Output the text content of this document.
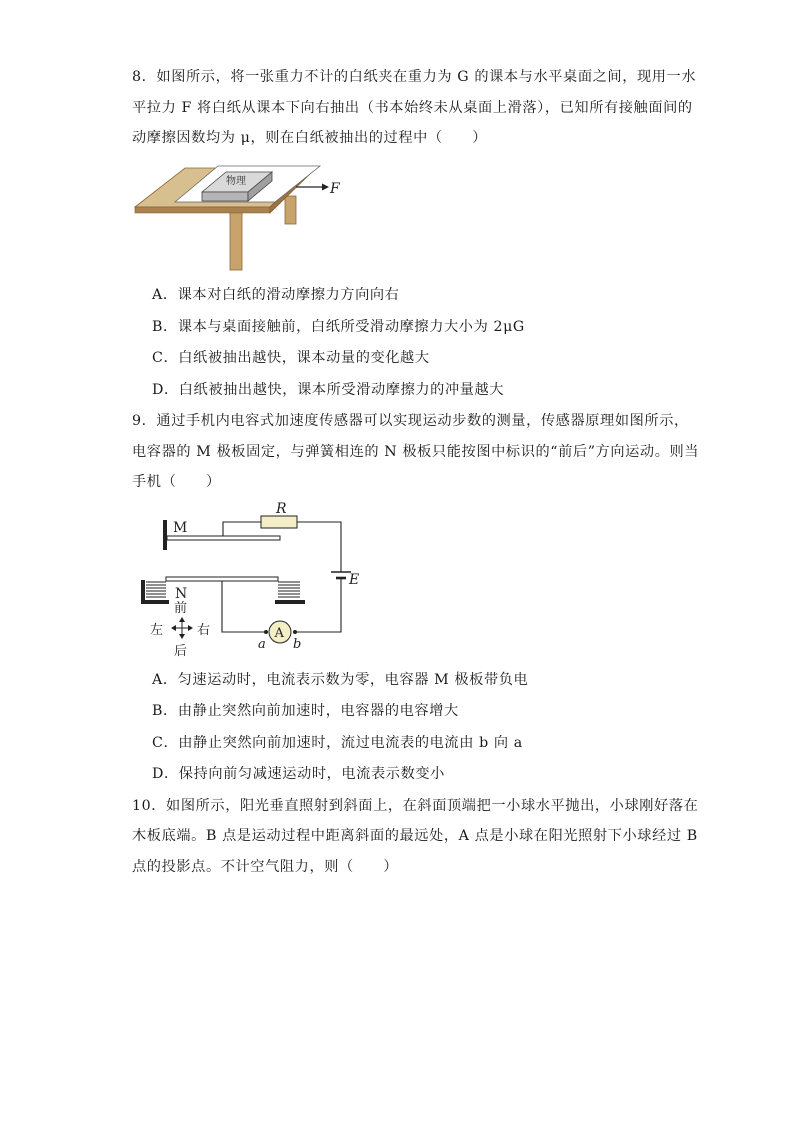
8．如图所示，将一张重力不计的白纸夹在重力为 G 的课本与水平桌面之间，现用一水
平拉力 F 将白纸从课本下向右抽出（书本始终未从桌面上滑落），已知所有接触面间的
动摩擦因数均为 μ，则在白纸被抽出的过程中（　　）
物理	F
A．课本对白纸的滑动摩擦力方向向右
B．课本与桌面接触前，白纸所受滑动摩擦力大小为 2μG
C．白纸被抽出越快，课本动量的变化越大
D．白纸被抽出越快，课本所受滑动摩擦力的冲量越大
9．通过手机内电容式加速度传感器可以实现运动步数的测量，传感器原理如图所示，
电容器的 M 极板固定，与弹簧相连的 N 极板只能按图中标识的“前后”方向运动。则当
手机（　　）
M
R
E
N
A
a b
前
左	右
后
A．匀速运动时，电流表示数为零，电容器 M 极板带负电
B．由静止突然向前加速时，电容器的电容增大
C．由静止突然向前加速时，流过电流表的电流由 b 向 a
D．保持向前匀减速运动时，电流表示数变小
10．如图所示，阳光垂直照射到斜面上，在斜面顶端把一小球水平抛出，小球刚好落在
木板底端。B 点是运动过程中距离斜面的最远处，A 点是小球在阳光照射下小球经过 B
点的投影点。不计空气阻力，则（　　）
